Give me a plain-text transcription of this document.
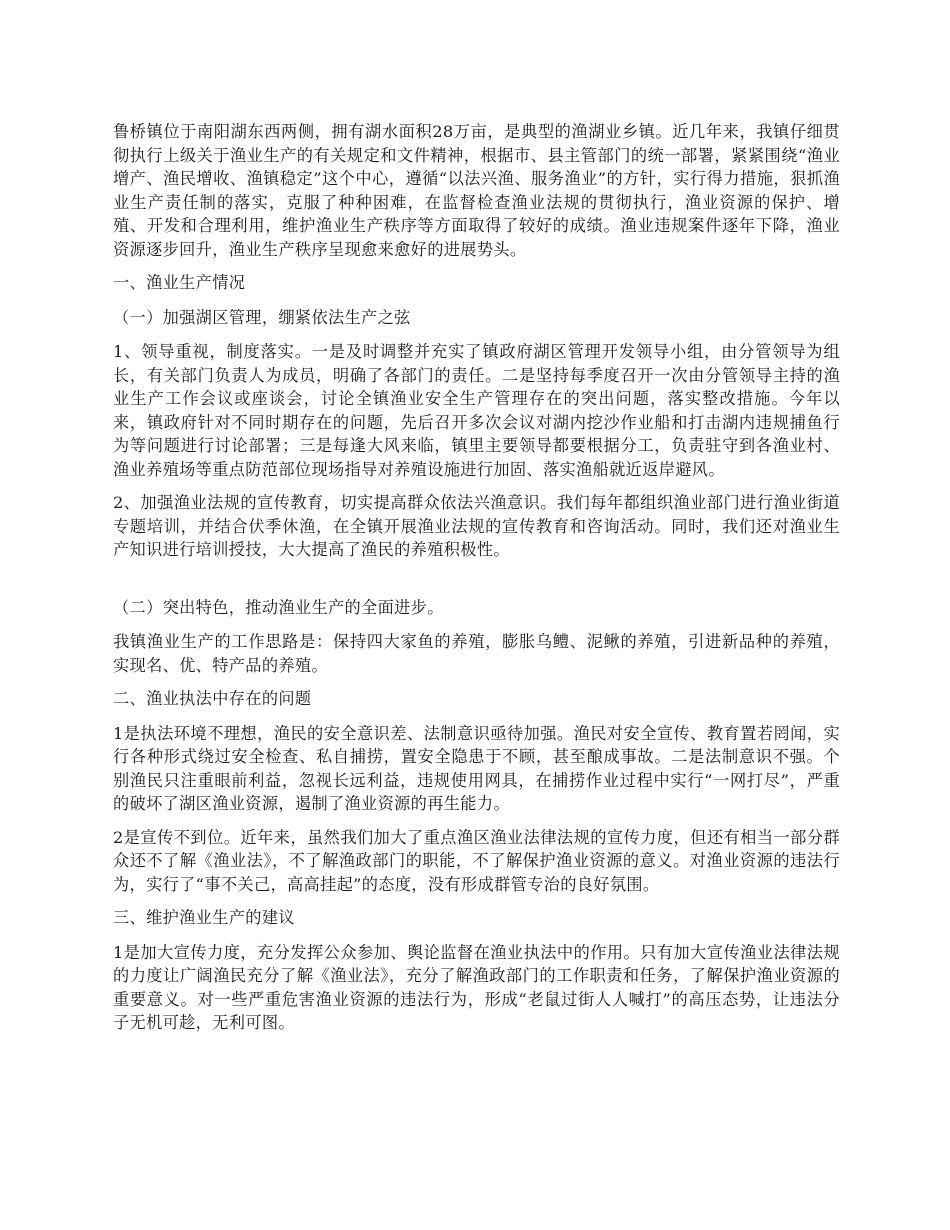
鲁桥镇位于南阳湖东西两侧，拥有湖水面积28万亩，是典型的渔湖业乡镇。近几年来，我镇仔细贯彻执行上级关于渔业生产的有关规定和文件精神，根据市、县主管部门的统一部署，紧紧围绕“渔业增产、渔民增收、渔镇稳定”这个中心，遵循“以法兴渔、服务渔业”的方针，实行得力措施，狠抓渔业生产责任制的落实，克服了种种困难，在监督检查渔业法规的贯彻执行，渔业资源的保护、增殖、开发和合理利用，维护渔业生产秩序等方面取得了较好的成绩。渔业违规案件逐年下降，渔业资源逐步回升，渔业生产秩序呈现愈来愈好的进展势头。

一、渔业生产情况

（一）加强湖区管理，绷紧依法生产之弦

1、领导重视，制度落实。一是及时调整并充实了镇政府湖区管理开发领导小组，由分管领导为组长，有关部门负责人为成员，明确了各部门的责任。二是坚持每季度召开一次由分管领导主持的渔业生产工作会议或座谈会，讨论全镇渔业安全生产管理存在的突出问题，落实整改措施。今年以来，镇政府针对不同时期存在的问题，先后召开多次会议对湖内挖沙作业船和打击湖内违规捕鱼行为等问题进行讨论部署；三是每逢大风来临，镇里主要领导都要根据分工，负责驻守到各渔业村、渔业养殖场等重点防范部位现场指导对养殖设施进行加固、落实渔船就近返岸避风。

2、加强渔业法规的宣传教育，切实提高群众依法兴渔意识。我们每年都组织渔业部门进行渔业街道专题培训，并结合伏季休渔，在全镇开展渔业法规的宣传教育和咨询活动。同时，我们还对渔业生产知识进行培训授技，大大提高了渔民的养殖积极性。

（二）突出特色，推动渔业生产的全面进步。

我镇渔业生产的工作思路是：保持四大家鱼的养殖，膨胀乌鳢、泥鳅的养殖，引进新品种的养殖，实现名、优、特产品的养殖。

二、渔业执法中存在的问题

1是执法环境不理想，渔民的安全意识差、法制意识亟待加强。渔民对安全宣传、教育置若罔闻，实行各种形式绕过安全检查、私自捕捞，置安全隐患于不顾，甚至酿成事故。二是法制意识不强。个别渔民只注重眼前利益，忽视长远利益，违规使用网具，在捕捞作业过程中实行“一网打尽”，严重的破坏了湖区渔业资源，遏制了渔业资源的再生能力。

2是宣传不到位。近年来，虽然我们加大了重点渔区渔业法律法规的宣传力度，但还有相当一部分群众还不了解《渔业法》，不了解渔政部门的职能，不了解保护渔业资源的意义。对渔业资源的违法行为，实行了“事不关己，高高挂起”的态度，没有形成群管专治的良好氛围。

三、维护渔业生产的建议

1是加大宣传力度，充分发挥公众参加、舆论监督在渔业执法中的作用。只有加大宣传渔业法律法规的力度让广阔渔民充分了解《渔业法》，充分了解渔政部门的工作职责和任务，了解保护渔业资源的重要意义。对一些严重危害渔业资源的违法行为，形成“老鼠过街人人喊打”的高压态势，让违法分子无机可趁，无利可图。
